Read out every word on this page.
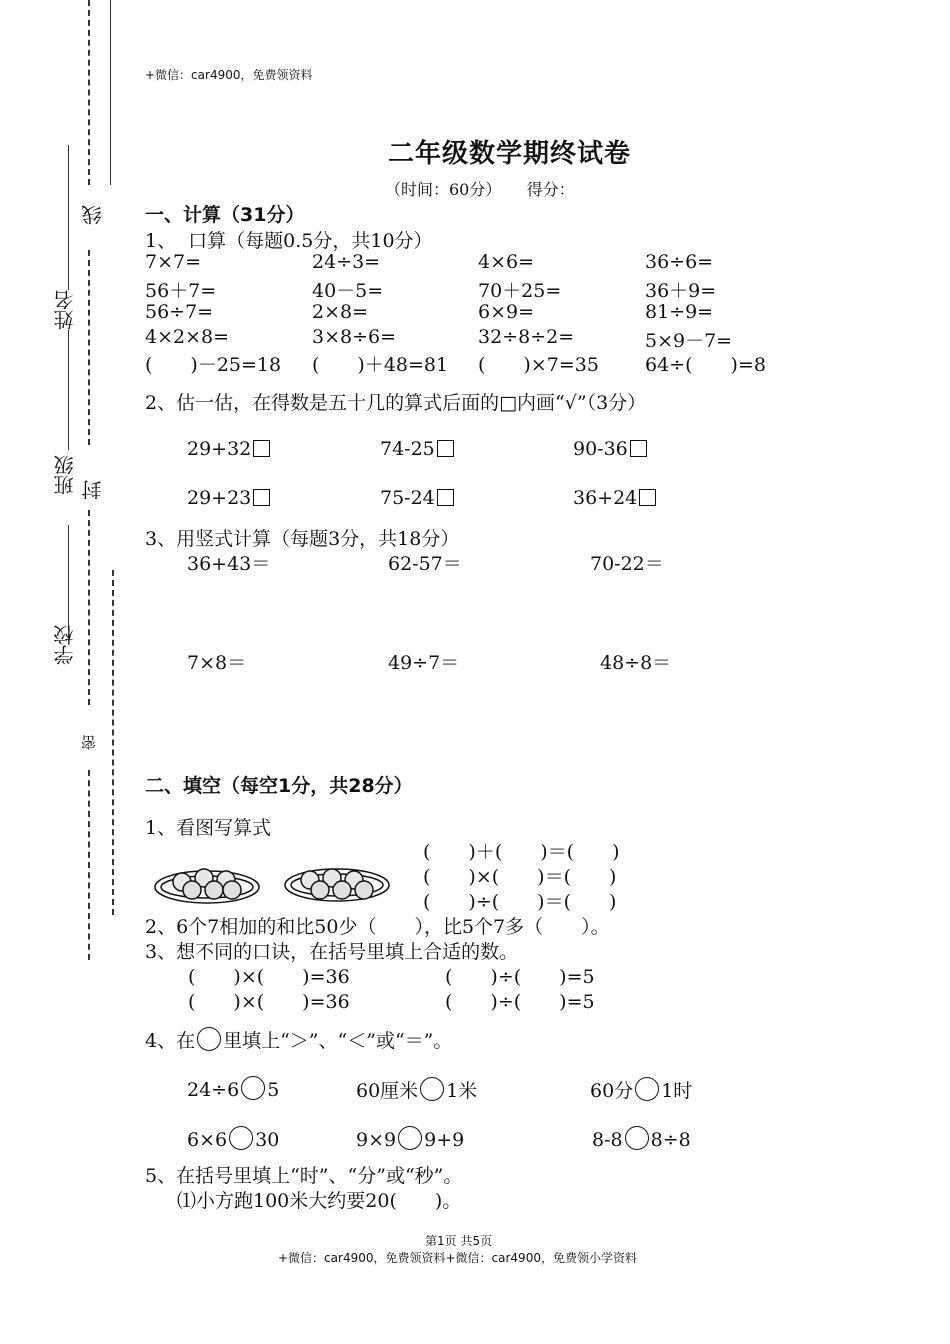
线
姓名
班级 封
学校
密
+微信：car4900，免费领资料
二年级数学期终试卷
（时间：60分）     得分：
一、计算（31分）
1、  口算（每题0.5分，共10分）
7×7=	24÷3=	4×6=	36÷6=
56＋7=	40－5=	70＋25=	36＋9=
56÷7=	2×8=	6×9=	81÷9=
4×2×8=	3×8÷6=	32÷8÷2=	5×9－7=
(　　)－25=18 (　　)＋48=81 (　　)×7=35 64÷(　　)=8
2、估一估，在得数是五十几的算式后面的□内画“√”（3分）
29+32	74-25	90-36
29+23	75-24	36+24
3、用竖式计算（每题3分，共18分）
36+43＝	62-57＝	70-22＝
7×8＝	49÷7＝	48÷8＝
二、填空（每空1分，共28分）
1、看图写算式
(　　)＋(　　)＝(　　)
(　　)×(　　)＝(　　)
(　　)÷(　　)＝(　　)
2、6个7相加的和比50少（　　），比5个7多（　　）。
3、想不同的口诀，在括号里填上合适的数。
(　　)×(　　)=36	(　　)÷(　　)=5
(　　)×(　　)=36	(　　)÷(　　)=5
4、在 里填上“＞”、“＜”或“＝”。
24÷6 5	60厘米 1米	60分 1时
6×6 30	9×9 9+9	8-8 8÷8
5、在括号里填上“时”、“分”或“秒”。
⑴小方跑100米大约要20(　　)。
第1页 共5页
+微信：car4900，免费领资料+微信：car4900，免费领小学资料
